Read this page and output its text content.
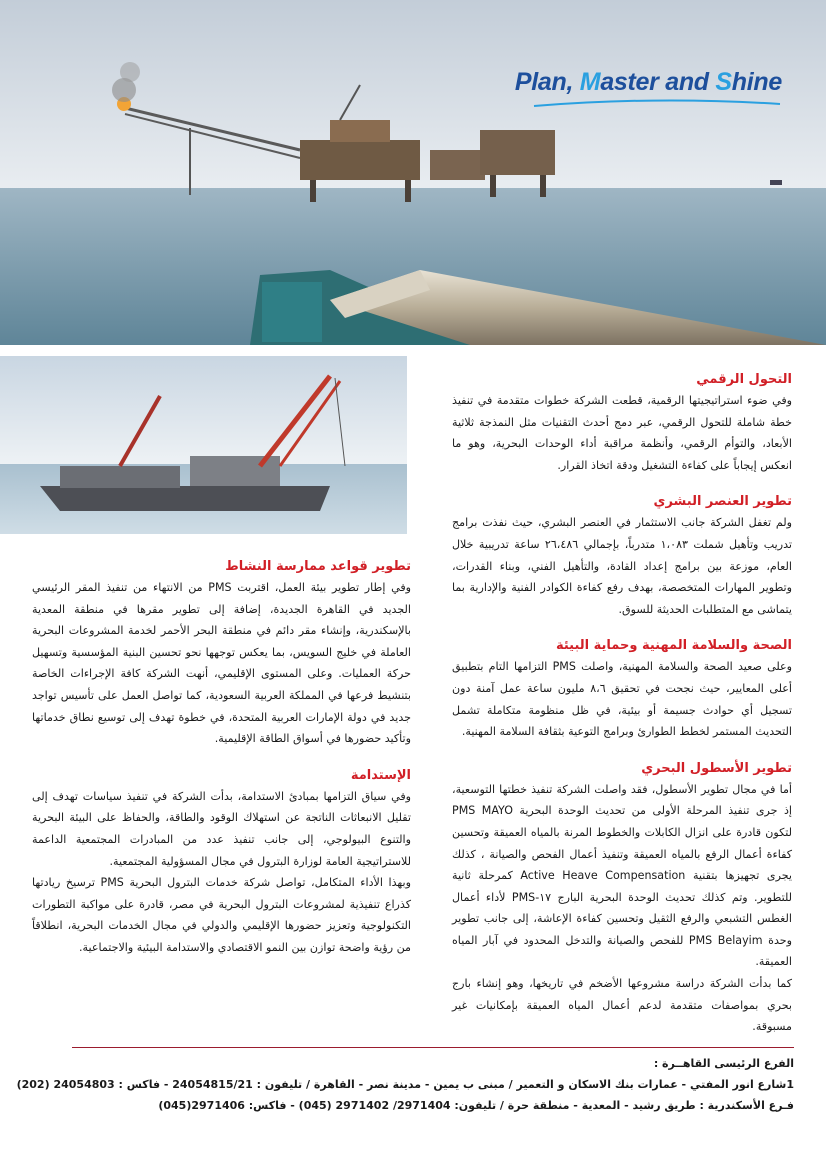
Plan, Master and Shine
التحول الرقمي

وفي ضوء استراتيجيتها الرقمية، قطعت الشركة خطوات متقدمة في تنفيذ خطة شاملة للتحول الرقمي، عبر دمج أحدث التقنيات مثل النمذجة ثلاثية الأبعاد، والتوأم الرقمي، وأنظمة مراقبة أداء الوحدات البحرية، وهو ما انعكس إيجاباً على كفاءة التشغيل ودقة اتخاذ القرار.

تطوير العنصر البشري

ولم تغفل الشركة جانب الاستثمار في العنصر البشري، حيث نفذت برامج تدريب وتأهيل شملت ١،٠٨٣ متدرباً، بإجمالي ٢٦،٤٨٦ ساعة تدريبية خلال العام، موزعة بين برامج إعداد القادة، والتأهيل الفني، وبناء القدرات، وتطوير المهارات المتخصصة، بهدف رفع كفاءة الكوادر الفنية والإدارية بما يتماشى مع المتطلبات الحديثة للسوق.

الصحة والسلامة المهنية وحماية البيئة

وعلى صعيد الصحة والسلامة المهنية، واصلت PMS التزامها التام بتطبيق أعلى المعايير، حيث نجحت في تحقيق ٨،٦ مليون ساعة عمل آمنة دون تسجيل أي حوادث جسيمة أو بيئية، في ظل منظومة متكاملة تشمل التحديث المستمر لخطط الطوارئ وبرامج التوعية بثقافة السلامة المهنية.

تطوير الأسطول البحري

أما في مجال تطوير الأسطول، فقد واصلت الشركة تنفيذ خطتها التوسعية، إذ جرى تنفيذ المرحلة الأولى من تحديث الوحدة البحرية PMS MAYO لتكون قادرة على انزال الكابلات والخطوط المرنة بالمياه العميقة وتحسين كفاءة أعمال الرفع بالمياه العميقة وتنفيذ أعمال الفحص والصيانة ، كذلك يجرى تجهيزها بتقنية Active Heave Compensation كمرحلة ثانية للتطوير. وتم كذلك تحديث الوحدة البحرية البارج ١٧-PMS لأداء أعمال الغطس التشبعي والرفع الثقيل وتحسين كفاءة الإعاشة، إلى جانب تطوير وحدة PMS Belayim للفحص والصيانة والتدخل المحدود في آبار المياه العميقة.

كما بدأت الشركة دراسة مشروعها الأضخم في تاريخها، وهو إنشاء بارج بحري بمواصفات متقدمة لدعم أعمال المياه العميقة بإمكانيات غير مسبوقة.

تطوير قواعد ممارسة النشاط

وفي إطار تطوير بيئة العمل، اقتربت PMS من الانتهاء من تنفيذ المقر الرئيسي الجديد في القاهرة الجديدة، إضافة إلى تطوير مقرها في منطقة المعدية بالإسكندرية، وإنشاء مقر دائم في منطقة البحر الأحمر لخدمة المشروعات البحرية العاملة في خليج السويس، بما يعكس توجهها نحو تحسين البنية المؤسسية وتسهيل حركة العمليات. وعلى المستوى الإقليمي، أنهت الشركة كافة الإجراءات الخاصة بتنشيط فرعها في المملكة العربية السعودية، كما تواصل العمل على تأسيس تواجد جديد في دولة الإمارات العربية المتحدة، في خطوة تهدف إلى توسيع نطاق خدماتها وتأكيد حضورها في أسواق الطاقة الإقليمية.

الإستدامة

وفي سياق التزامها بمبادئ الاستدامة، بدأت الشركة في تنفيذ سياسات تهدف إلى تقليل الانبعاثات الناتجة عن استهلاك الوقود والطاقة، والحفاظ على البيئة البحرية والتنوع البيولوجي، إلى جانب تنفيذ عدد من المبادرات المجتمعية الداعمة للاستراتيجية العامة لوزارة البترول في مجال المسؤولية المجتمعية.

وبهذا الأداء المتكامل، تواصل شركة خدمات البترول البحرية PMS ترسيخ ريادتها كذراع تنفيذية لمشروعات البترول البحرية في مصر، قادرة على مواكبة التطورات التكنولوجية وتعزيز حضورها الإقليمي والدولي في مجال الخدمات البحرية، انطلاقاً من رؤية واضحة توازن بين النمو الاقتصادي والاستدامة البيئية والاجتماعية.

الفرع الرئيسى القاهــرة :
1شارع انور المفتي - عمارات بنك الاسكان و التعمير / مبنى ب يمين - مدينة نصر - القاهرة / تليفون : 24054815/21 - فاكس : 24054803 (202)
فـرع الأسكندرية : طريق رشيد - المعدية - منطقة حرة / تليفون: 2971404/ 2971402 (045) - فاكس: 2971406(045)
